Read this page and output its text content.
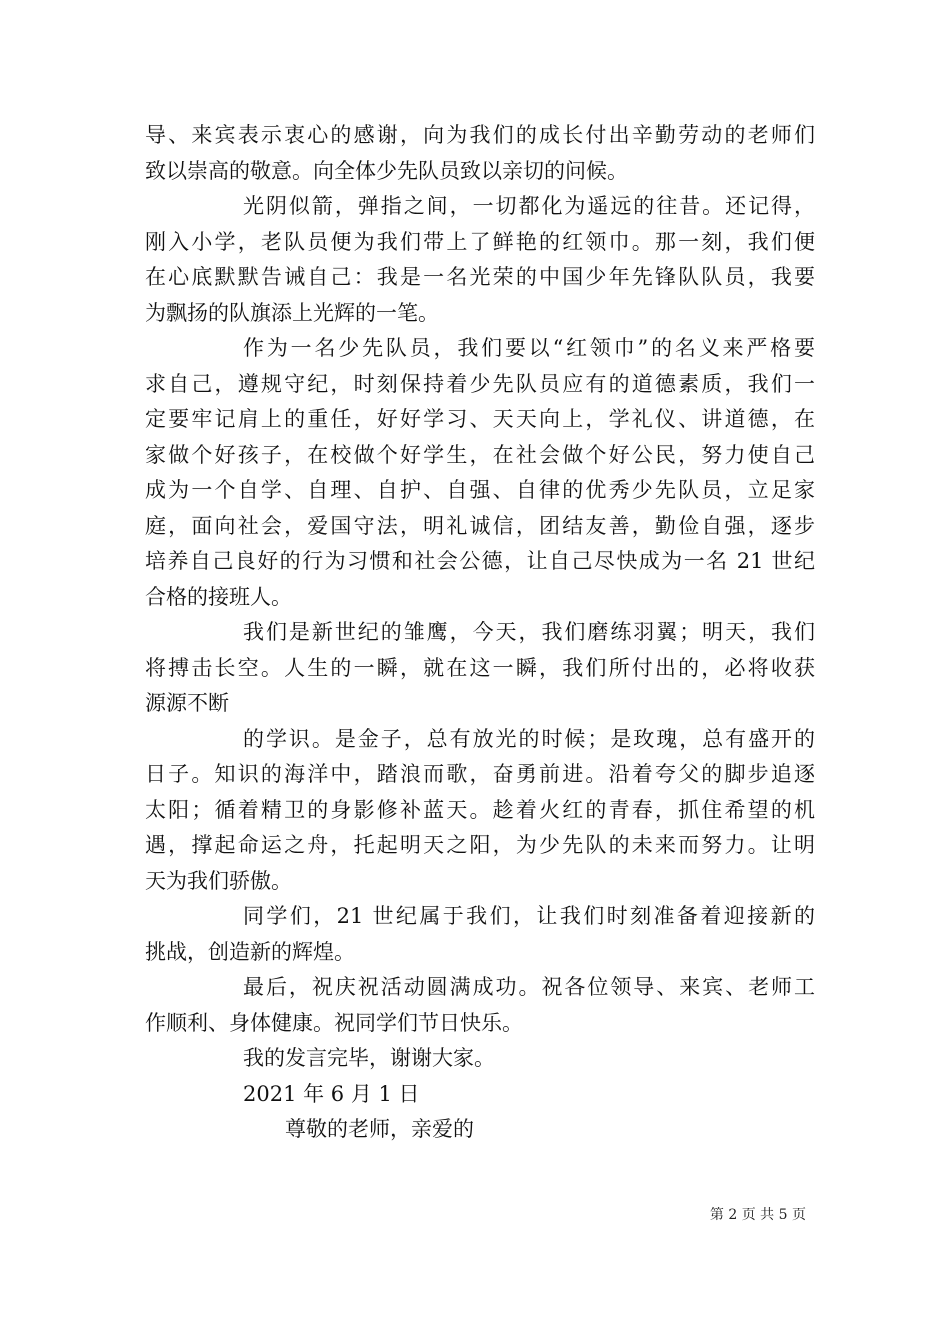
导、来宾表示衷心的感谢，向为我们的成长付出辛勤劳动的老师们
致以崇高的敬意。向全体少先队员致以亲切的问候。
光阴似箭，弹指之间，一切都化为遥远的往昔。还记得，
刚入小学，老队员便为我们带上了鲜艳的红领巾。那一刻，我们便
在心底默默告诫自己：我是一名光荣的中国少年先锋队队员，我要
为飘扬的队旗添上光辉的一笔。
作为一名少先队员，我们要以“红领巾”的名义来严格要
求自己，遵规守纪，时刻保持着少先队员应有的道德素质，我们一
定要牢记肩上的重任，好好学习、天天向上，学礼仪、讲道德，在
家做个好孩子，在校做个好学生，在社会做个好公民，努力使自己
成为一个自学、自理、自护、自强、自律的优秀少先队员，立足家
庭，面向社会，爱国守法，明礼诚信，团结友善，勤俭自强，逐步
培养自己良好的行为习惯和社会公德，让自己尽快成为一名 21 世纪
合格的接班人。
我们是新世纪的雏鹰，今天，我们磨练羽翼；明天，我们
将搏击长空。人生的一瞬，就在这一瞬，我们所付出的，必将收获
源源不断
的学识。是金子，总有放光的时候；是玫瑰，总有盛开的
日子。知识的海洋中，踏浪而歌，奋勇前进。沿着夸父的脚步追逐
太阳；循着精卫的身影修补蓝天。趁着火红的青春，抓住希望的机
遇，撑起命运之舟，托起明天之阳，为少先队的未来而努力。让明
天为我们骄傲。
同学们，21 世纪属于我们，让我们时刻准备着迎接新的
挑战，创造新的辉煌。
最后，祝庆祝活动圆满成功。祝各位领导、来宾、老师工
作顺利、身体健康。祝同学们节日快乐。
我的发言完毕，谢谢大家。
2021 年 6 月 1 日
尊敬的老师，亲爱的
第 2 页 共 5 页
